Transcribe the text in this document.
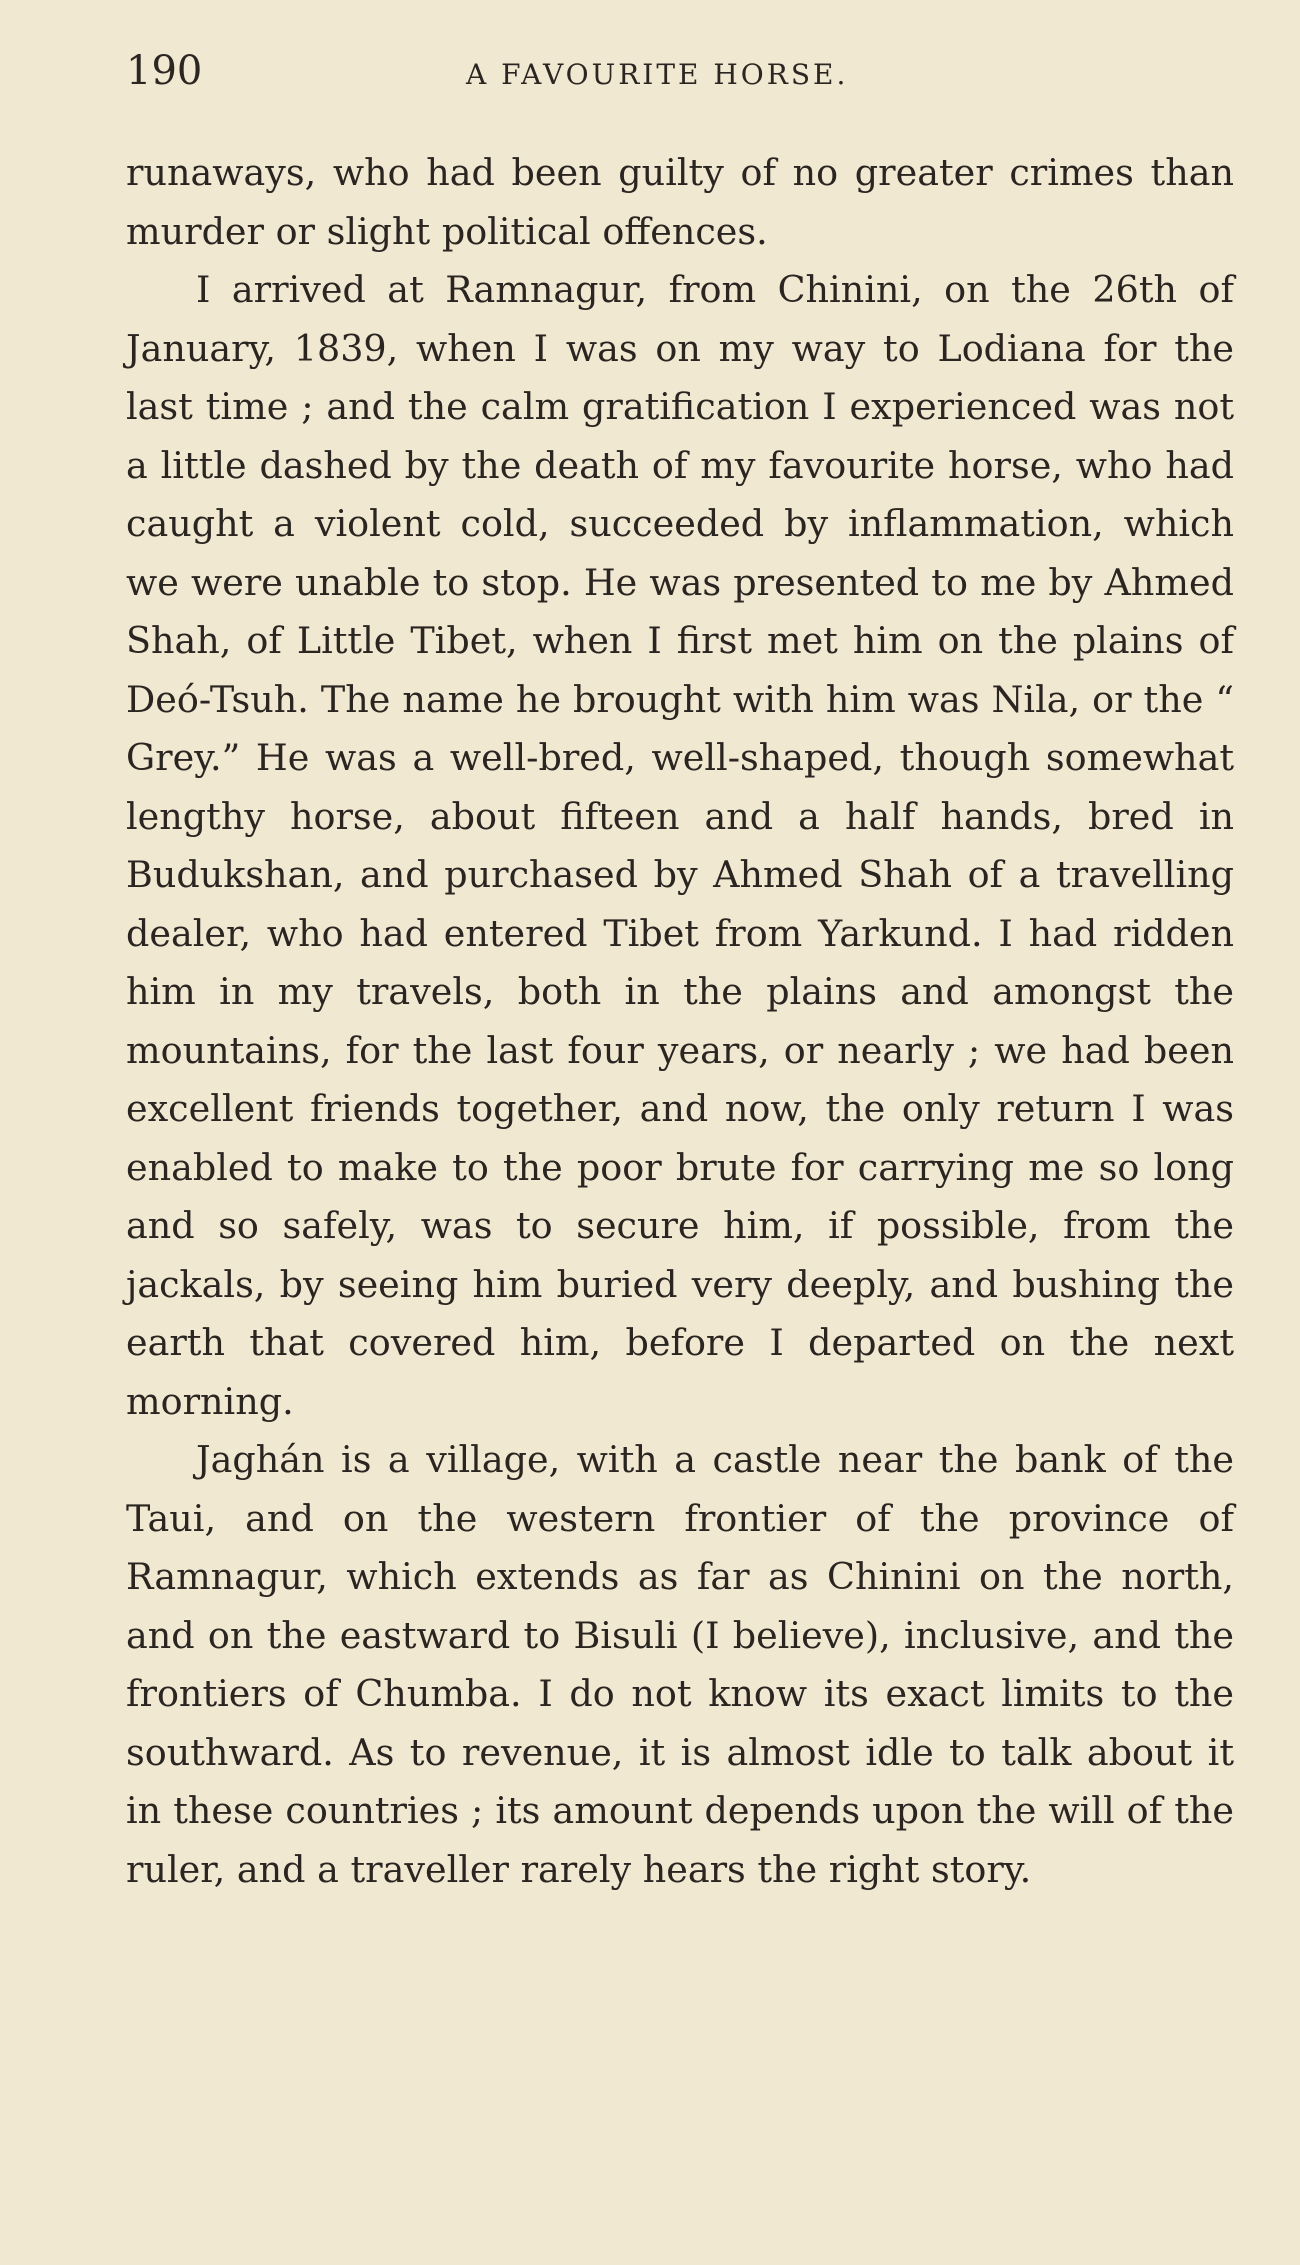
190	A FAVOURITE HORSE.

runaways, who had been guilty of no greater crimes than murder or slight political offences.

I arrived at Ramnagur, from Chinini, on the 26th of January, 1839, when I was on my way to Lodiana for the last time ; and the calm gratification I experienced was not a little dashed by the death of my favourite horse, who had caught a violent cold, succeeded by inflammation, which we were unable to stop. He was presented to me by Ahmed Shah, of Little Tibet, when I first met him on the plains of Deó-Tsuh. The name he brought with him was Nila, or the “ Grey.” He was a well-bred, well-shaped, though somewhat lengthy horse, about fifteen and a half hands, bred in Budukshan, and purchased by Ahmed Shah of a travelling dealer, who had entered Tibet from Yarkund. I had ridden him in my travels, both in the plains and amongst the mountains, for the last four years, or nearly ; we had been excellent friends together, and now, the only return I was enabled to make to the poor brute for carrying me so long and so safely, was to secure him, if possible, from the jackals, by seeing him buried very deeply, and bushing the earth that covered him, before I departed on the next morning.

Jaghán is a village, with a castle near the bank of the Taui, and on the western frontier of the province of Ramnagur, which extends as far as Chinini on the north, and on the eastward to Bisuli (I believe), inclusive, and the frontiers of Chumba. I do not know its exact limits to the southward. As to revenue, it is almost idle to talk about it in these countries ; its amount depends upon the will of the ruler, and a traveller rarely hears the right story.
